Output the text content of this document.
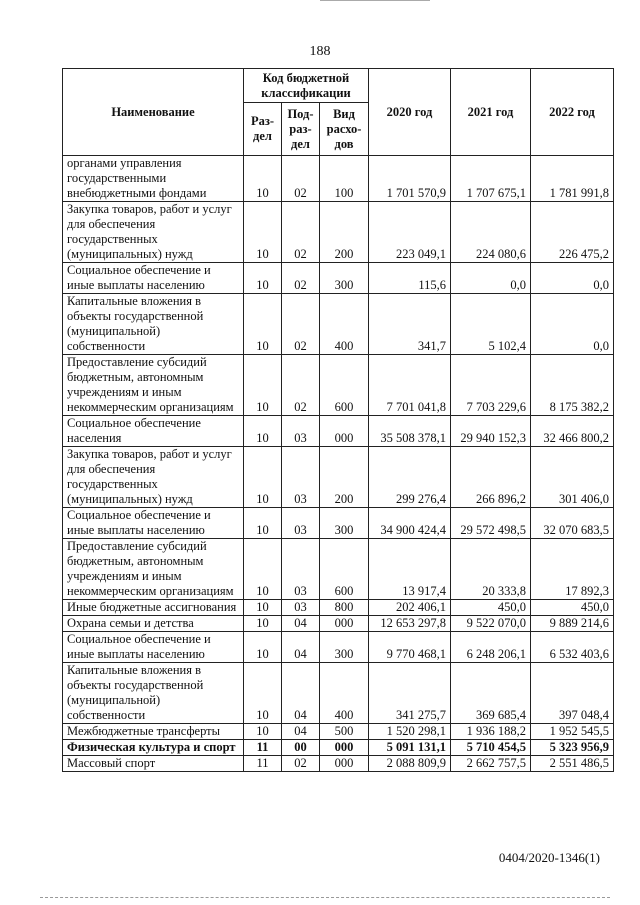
188
Наименование	Код бюджетной классификации			2020 год	2021 год	2022 год
	Раз-дел	Под-раз-дел	Вид расхо-дов			
органами управления государственными внебюджетными фондами	10	02	100	1 701 570,9	1 707 675,1	1 781 991,8
Закупка товаров, работ и услуг для обеспечения государственных (муниципальных) нужд	10	02	200	223 049,1	224 080,6	226 475,2
Социальное обеспечение и иные выплаты населению	10	02	300	115,6	0,0	0,0
Капитальные вложения в объекты государственной (муниципальной) собственности	10	02	400	341,7	5 102,4	0,0
Предоставление субсидий бюджетным, автономным учреждениям и иным некоммерческим организациям	10	02	600	7 701 041,8	7 703 229,6	8 175 382,2
Социальное обеспечение населения	10	03	000	35 508 378,1	29 940 152,3	32 466 800,2
Закупка товаров, работ и услуг для обеспечения государственных (муниципальных) нужд	10	03	200	299 276,4	266 896,2	301 406,0
Социальное обеспечение и иные выплаты населению	10	03	300	34 900 424,4	29 572 498,5	32 070 683,5
Предоставление субсидий бюджетным, автономным учреждениям и иным некоммерческим организациям	10	03	600	13 917,4	20 333,8	17 892,3
Иные бюджетные ассигнования	10	03	800	202 406,1	450,0	450,0
Охрана семьи и детства	10	04	000	12 653 297,8	9 522 070,0	9 889 214,6
Социальное обеспечение и иные выплаты населению	10	04	300	9 770 468,1	6 248 206,1	6 532 403,6
Капитальные вложения в объекты государственной (муниципальной) собственности	10	04	400	341 275,7	369 685,4	397 048,4
Межбюджетные трансферты	10	04	500	1 520 298,1	1 936 188,2	1 952 545,5
Физическая культура и спорт	11	00	000	5 091 131,1	5 710 454,5	5 323 956,9
Массовый спорт	11	02	000	2 088 809,9	2 662 757,5	2 551 486,5
0404/2020-1346(1)
